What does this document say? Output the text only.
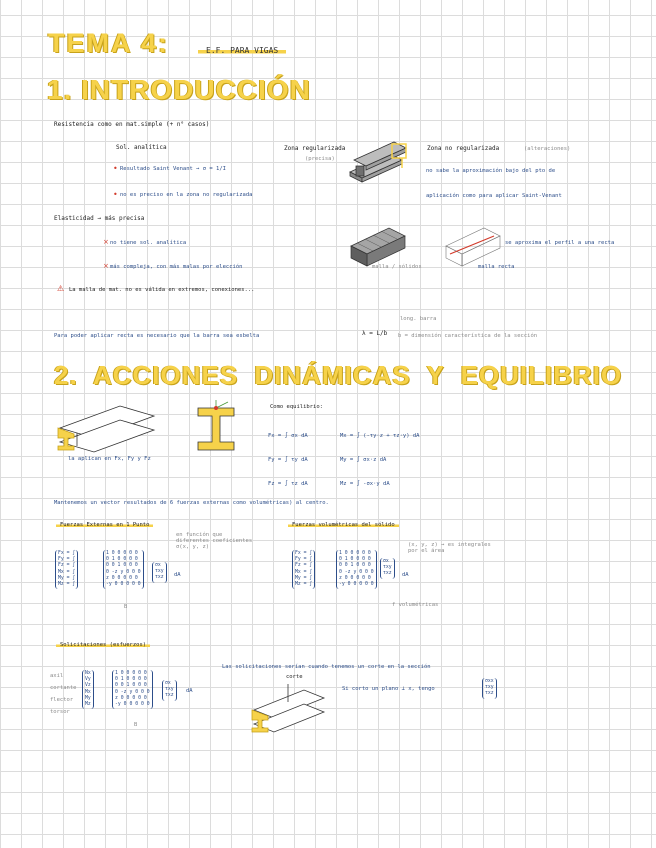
TEMA 4:	E.F. PARA VIGAS
1. INTRODUCCIÓN
Resistencia como en mat.simple (+ n° casos)
Sol. analítica
Resultado Saint Venant → σ = 1/I
no es preciso en la zona no regularizada
•
•
Zona regularizada
(precisa)
Zona no regularizada	(alteraciones)
no sabe la aproximación bajo del pto de
aplicación como para aplicar Saint-Venant
Elasticidad → más precisa
no tiene sol. analítica
más compleja, con más malas por elección
×
×	malla / sólidos
se aproxima el perfil a una recta
malla recta
⚠ La malla de mat. no es válida en extremos, conexiones...
long. barra
Para poder aplicar recta es necesario que la barra sea esbelta	λ = L/b b = dimensión característica de la sección
2. ACCIONES DINÁMICAS Y EQUILIBRIO
la aplican en Fx, Fy y Fz
Como equilibrio:
Fx = ∫ σx dA
Fy = ∫ τy dA
Fz = ∫ τz dA
Mx = ∫ (-τy·z + τz·y) dA
My = ∫ σx·z dA
Mz = ∫ -σx·y dA
Mantenemos un vector resultados de 6 fuerzas externas como volumétricas) al centro.
Fuerzas Externas en 1 Punto
en función que diferentes coeficientes σ(x, y, z)
Fx = ∫
Fy = ∫
Fz = ∫
Mx = ∫
My = ∫
Mz = ∫
1 0 0 0 0 0
0 1 0 0 0 0
0 0 1 0 0 0
0 -z y 0 0 0
z 0 0 0 0 0
-y 0 0 0 0 0
σx
τxy
τxz dA
B
Fuerzas volumétricas del sólido
(x, y, z) → es integrales por el área
Fx = ∫
Fy = ∫
Fz = ∫
Mx = ∫
My = ∫
Mz = ∫
1 0 0 0 0 0
0 1 0 0 0 0
0 0 1 0 0 0
0 -z y 0 0 0
z 0 0 0 0 0
-y 0 0 0 0 0
σx
τxy
τxz dA
f volumétricas
Solicitaciones (esfuerzos)
axil
cortante
flector
torsor
Nx
Vy
Vz
Mx
My
Mz
1 0 0 0 0 0
0 1 0 0 0 0
0 0 1 0 0 0
0 -z y 0 0 0
z 0 0 0 0 0
-y 0 0 0 0 0
σx
τxy
τxz
dA
B
Las solicitaciones serían cuando tenemos un corte en la sección
corte
Si corto un plano ⊥ x, tengo
σxx
τxy
τxz
